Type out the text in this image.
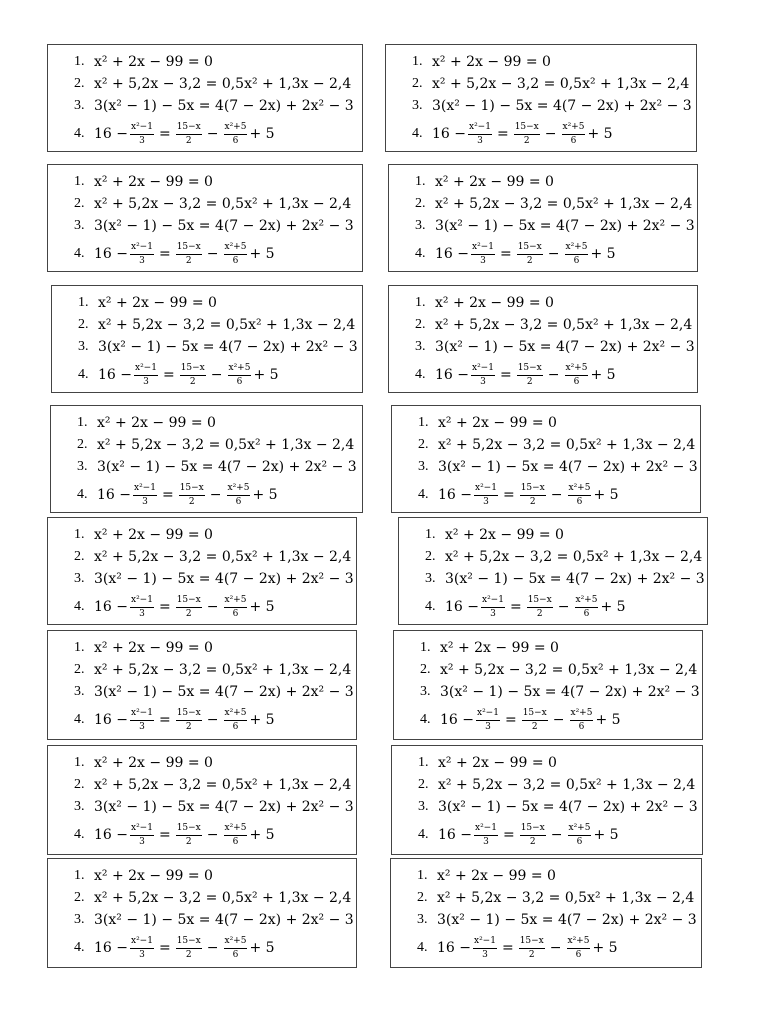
1. x² + 2x − 99 = 0
2. x² + 5,2x − 3,2 = 0,5x² + 1,3x − 2,4
3. 3(x² − 1) − 5x = 4(7 − 2x) + 2x² − 3
4. $16 - \frac{\text{x²−1}}{3} = \frac{15-x}{2} - \frac{\text{x²+5}}{6} + 5$
1. x² + 2x − 99 = 0
2. x² + 5,2x − 3,2 = 0,5x² + 1,3x − 2,4
3. 3(x² − 1) − 5x = 4(7 − 2x) + 2x² − 3
4. $16 - \frac{\text{x²−1}}{3} = \frac{15-x}{2} - \frac{\text{x²+5}}{6} + 5$
1. x² + 2x − 99 = 0
2. x² + 5,2x − 3,2 = 0,5x² + 1,3x − 2,4
3. 3(x² − 1) − 5x = 4(7 − 2x) + 2x² − 3
4. $16 - \frac{\text{x²−1}}{3} = \frac{15-x}{2} - \frac{\text{x²+5}}{6} + 5$
1. x² + 2x − 99 = 0
2. x² + 5,2x − 3,2 = 0,5x² + 1,3x − 2,4
3. 3(x² − 1) − 5x = 4(7 − 2x) + 2x² − 3
4. $16 - \frac{\text{x²−1}}{3} = \frac{15-x}{2} - \frac{\text{x²+5}}{6} + 5$
1. x² + 2x − 99 = 0
2. x² + 5,2x − 3,2 = 0,5x² + 1,3x − 2,4
3. 3(x² − 1) − 5x = 4(7 − 2x) + 2x² − 3
4. $16 - \frac{\text{x²−1}}{3} = \frac{15-x}{2} - \frac{\text{x²+5}}{6} + 5$
1. x² + 2x − 99 = 0
2. x² + 5,2x − 3,2 = 0,5x² + 1,3x − 2,4
3. 3(x² − 1) − 5x = 4(7 − 2x) + 2x² − 3
4. $16 - \frac{\text{x²−1}}{3} = \frac{15-x}{2} - \frac{\text{x²+5}}{6} + 5$
1. x² + 2x − 99 = 0
2. x² + 5,2x − 3,2 = 0,5x² + 1,3x − 2,4
3. 3(x² − 1) − 5x = 4(7 − 2x) + 2x² − 3
4. $16 - \frac{\text{x²−1}}{3} = \frac{15-x}{2} - \frac{\text{x²+5}}{6} + 5$
1. x² + 2x − 99 = 0
2. x² + 5,2x − 3,2 = 0,5x² + 1,3x − 2,4
3. 3(x² − 1) − 5x = 4(7 − 2x) + 2x² − 3
4. $16 - \frac{\text{x²−1}}{3} = \frac{15-x}{2} - \frac{\text{x²+5}}{6} + 5$
1. x² + 2x − 99 = 0
2. x² + 5,2x − 3,2 = 0,5x² + 1,3x − 2,4
3. 3(x² − 1) − 5x = 4(7 − 2x) + 2x² − 3
4. $16 - \frac{\text{x²−1}}{3} = \frac{15-x}{2} - \frac{\text{x²+5}}{6} + 5$
1. x² + 2x − 99 = 0
2. x² + 5,2x − 3,2 = 0,5x² + 1,3x − 2,4
3. 3(x² − 1) − 5x = 4(7 − 2x) + 2x² − 3
4. $16 - \frac{\text{x²−1}}{3} = \frac{15-x}{2} - \frac{\text{x²+5}}{6} + 5$
1. x² + 2x − 99 = 0
2. x² + 5,2x − 3,2 = 0,5x² + 1,3x − 2,4
3. 3(x² − 1) − 5x = 4(7 − 2x) + 2x² − 3
4. $16 - \frac{\text{x²−1}}{3} = \frac{15-x}{2} - \frac{\text{x²+5}}{6} + 5$
1. x² + 2x − 99 = 0
2. x² + 5,2x − 3,2 = 0,5x² + 1,3x − 2,4
3. 3(x² − 1) − 5x = 4(7 − 2x) + 2x² − 3
4. $16 - \frac{\text{x²−1}}{3} = \frac{15-x}{2} - \frac{\text{x²+5}}{6} + 5$
1. x² + 2x − 99 = 0
2. x² + 5,2x − 3,2 = 0,5x² + 1,3x − 2,4
3. 3(x² − 1) − 5x = 4(7 − 2x) + 2x² − 3
4. $16 - \frac{\text{x²−1}}{3} = \frac{15-x}{2} - \frac{\text{x²+5}}{6} + 5$
1. x² + 2x − 99 = 0
2. x² + 5,2x − 3,2 = 0,5x² + 1,3x − 2,4
3. 3(x² − 1) − 5x = 4(7 − 2x) + 2x² − 3
4. $16 - \frac{\text{x²−1}}{3} = \frac{15-x}{2} - \frac{\text{x²+5}}{6} + 5$
1. x² + 2x − 99 = 0
2. x² + 5,2x − 3,2 = 0,5x² + 1,3x − 2,4
3. 3(x² − 1) − 5x = 4(7 − 2x) + 2x² − 3
4. $16 - \frac{\text{x²−1}}{3} = \frac{15-x}{2} - \frac{\text{x²+5}}{6} + 5$
1. x² + 2x − 99 = 0
2. x² + 5,2x − 3,2 = 0,5x² + 1,3x − 2,4
3. 3(x² − 1) − 5x = 4(7 − 2x) + 2x² − 3
4. $16 - \frac{\text{x²−1}}{3} = \frac{15-x}{2} - \frac{\text{x²+5}}{6} + 5$
